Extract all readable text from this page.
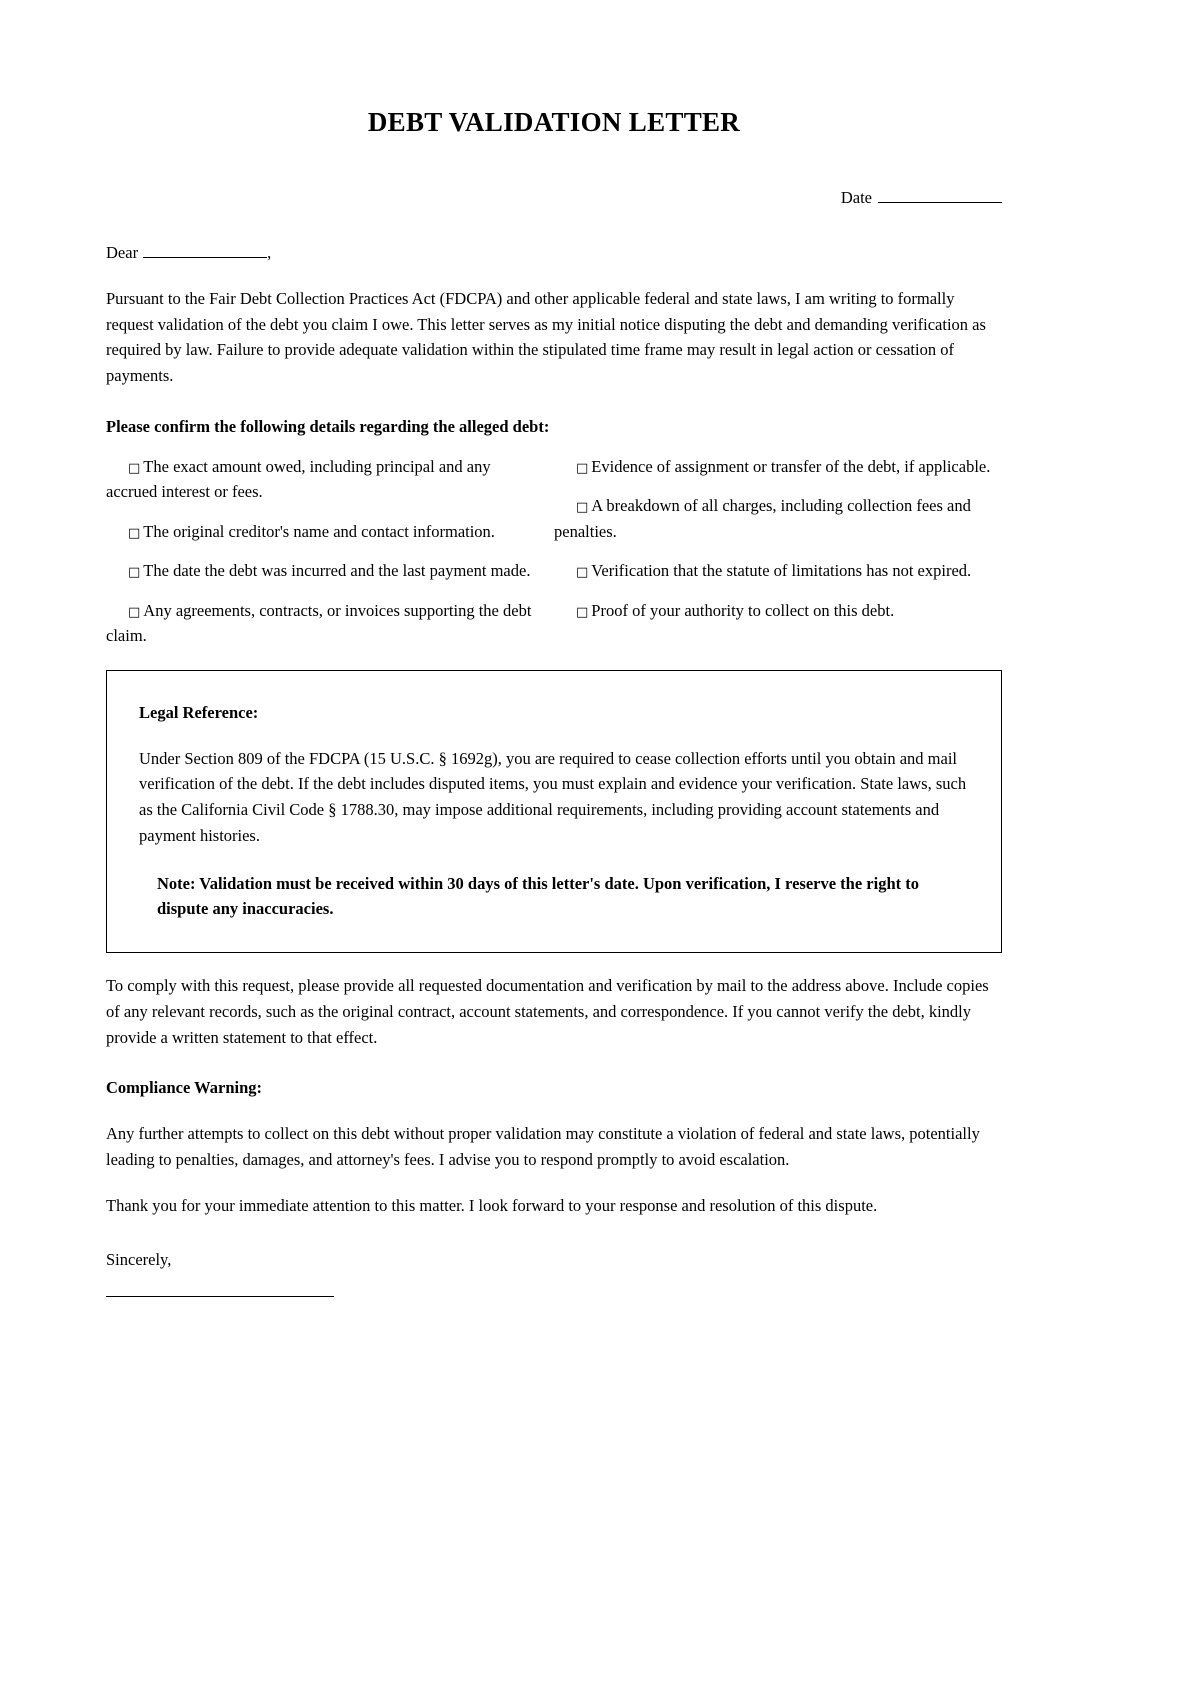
DEBT VALIDATION LETTER
Date
Dear	,

Pursuant to the Fair Debt Collection Practices Act (FDCPA) and other applicable federal and state laws, I am writing to formally request validation of the debt you claim I owe. This letter serves as my initial notice disputing the debt and demanding verification as required by law. Failure to provide adequate validation within the stipulated time frame may result in legal action or cessation of payments.

Please confirm the following details regarding the alleged debt:

□ The exact amount owed, including principal and any accrued interest or fees.

□ The original creditor's name and contact information.

□ The date the debt was incurred and the last payment made.

□ Any agreements, contracts, or invoices supporting the debt claim.

□ Evidence of assignment or transfer of the debt, if applicable.

□ A breakdown of all charges, including collection fees and penalties.

□ Verification that the statute of limitations has not expired.

□ Proof of your authority to collect on this debt.

Legal Reference:

Under Section 809 of the FDCPA (15 U.S.C. § 1692g), you are required to cease collection efforts until you obtain and mail verification of the debt. If the debt includes disputed items, you must explain and evidence your verification. State laws, such as the California Civil Code § 1788.30, may impose additional requirements, including providing account statements and payment histories.

Note: Validation must be received within 30 days of this letter's date. Upon verification, I reserve the right to dispute any inaccuracies.

To comply with this request, please provide all requested documentation and verification by mail to the address above. Include copies of any relevant records, such as the original contract, account statements, and correspondence. If you cannot verify the debt, kindly provide a written statement to that effect.

Compliance Warning:

Any further attempts to collect on this debt without proper validation may constitute a violation of federal and state laws, potentially leading to penalties, damages, and attorney's fees. I advise you to respond promptly to avoid escalation.

Thank you for your immediate attention to this matter. I look forward to your response and resolution of this dispute.

Sincerely,
